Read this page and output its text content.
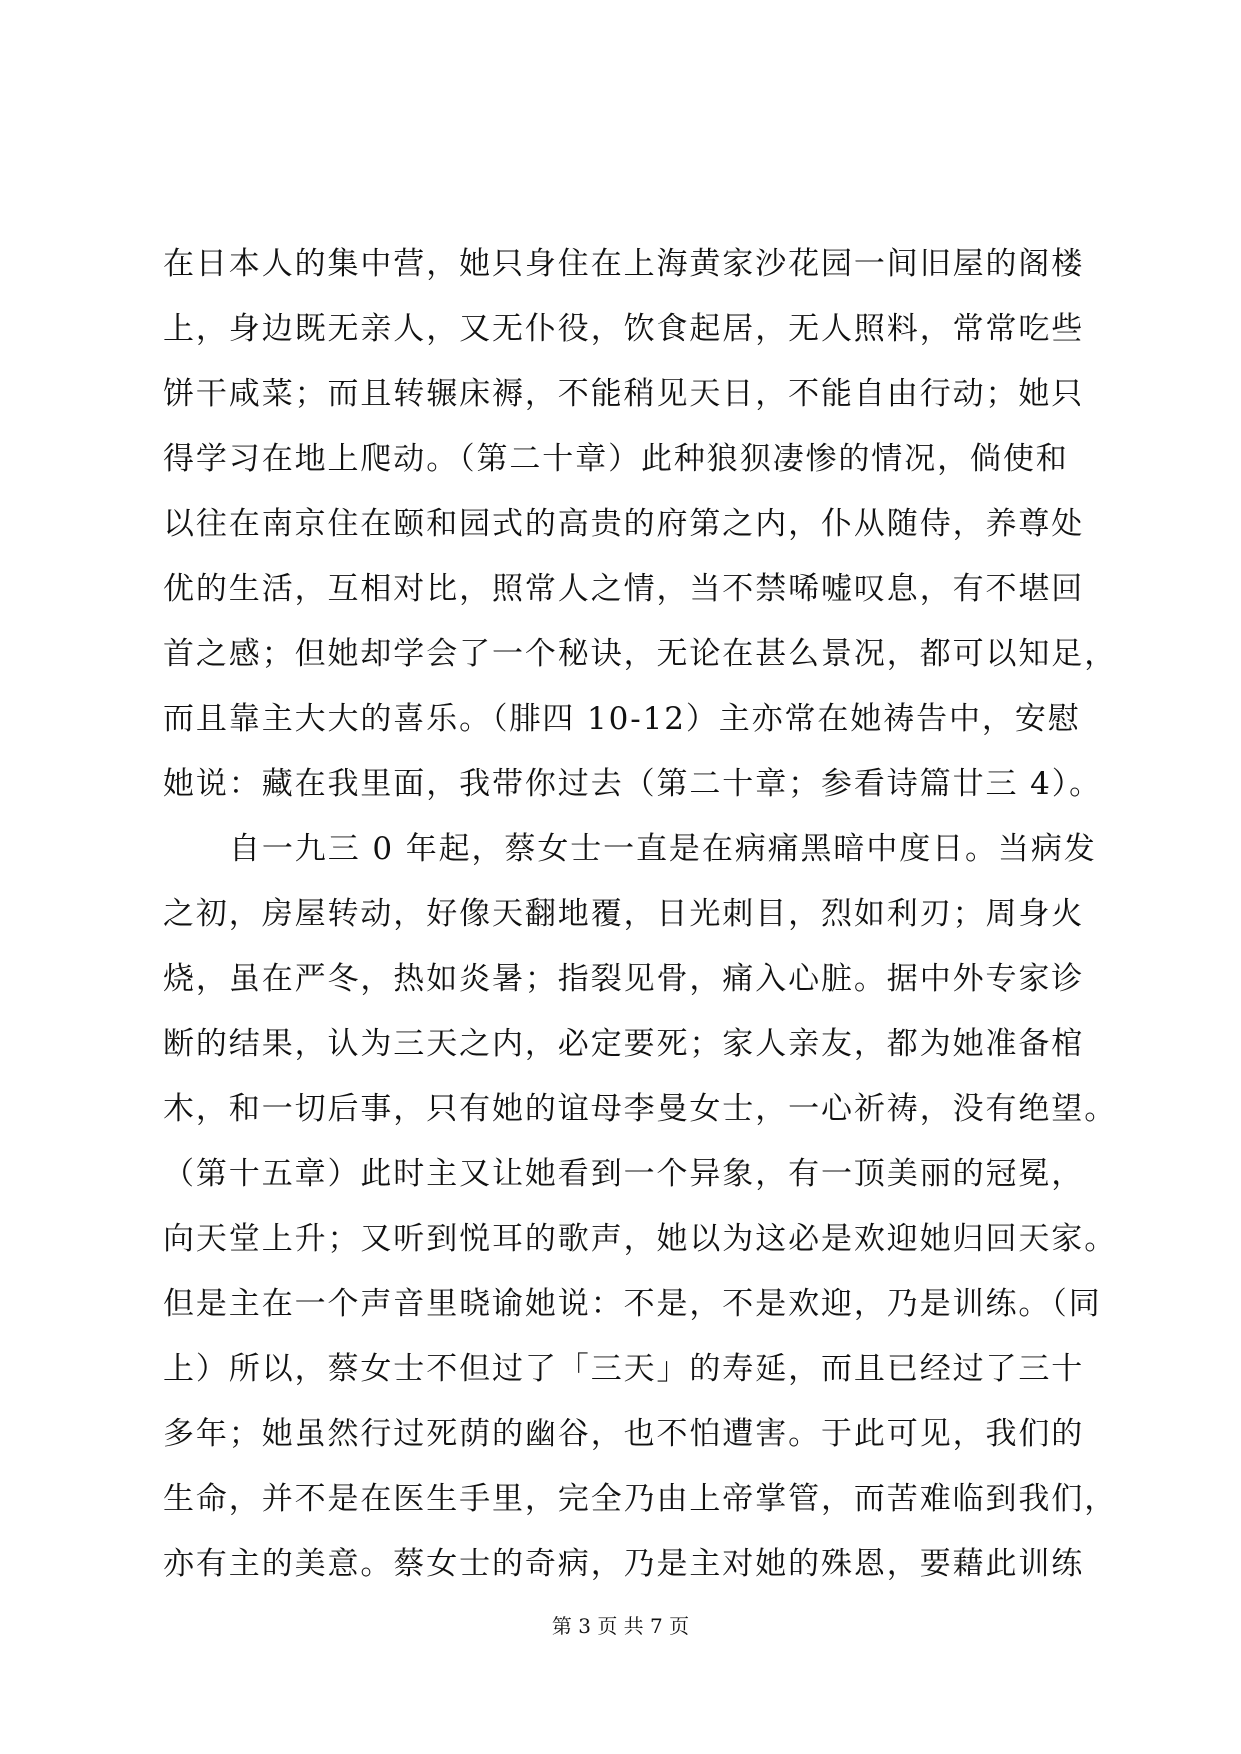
在日本人的集中营，她只身住在上海黄家沙花园一间旧屋的阁楼
上，身边既无亲人，又无仆役，饮食起居，无人照料，常常吃些
饼干咸菜；而且转辗床褥，不能稍见天日，不能自由行动；她只
得学习在地上爬动。（第二十章）此种狼狈凄惨的情况，倘使和
以往在南京住在颐和园式的高贵的府第之内，仆从随侍，养尊处
优的生活，互相对比，照常人之情，当不禁唏嘘叹息，有不堪回
首之感；但她却学会了一个秘诀，无论在甚么景况，都可以知足，
而且靠主大大的喜乐。（腓四 10-12）主亦常在她祷告中，安慰
她说：藏在我里面，我带你过去（第二十章；参看诗篇廿三 4）。
自一九三 0 年起，蔡女士一直是在病痛黑暗中度日。当病发
之初，房屋转动，好像天翻地覆，日光刺目，烈如利刃；周身火
烧，虽在严冬，热如炎暑；指裂见骨，痛入心脏。据中外专家诊
断的结果，认为三天之内，必定要死；家人亲友，都为她准备棺
木，和一切后事，只有她的谊母李曼女士，一心祈祷，没有绝望。
（第十五章）此时主又让她看到一个异象，有一顶美丽的冠冕，
向天堂上升；又听到悦耳的歌声，她以为这必是欢迎她归回天家。
但是主在一个声音里晓谕她说：不是，不是欢迎，乃是训练。（同
上）所以，蔡女士不但过了「三天」的寿延，而且已经过了三十
多年；她虽然行过死荫的幽谷，也不怕遭害。于此可见，我们的
生命，并不是在医生手里，完全乃由上帝掌管，而苦难临到我们，
亦有主的美意。蔡女士的奇病，乃是主对她的殊恩，要藉此训练
第 3 页 共 7 页
